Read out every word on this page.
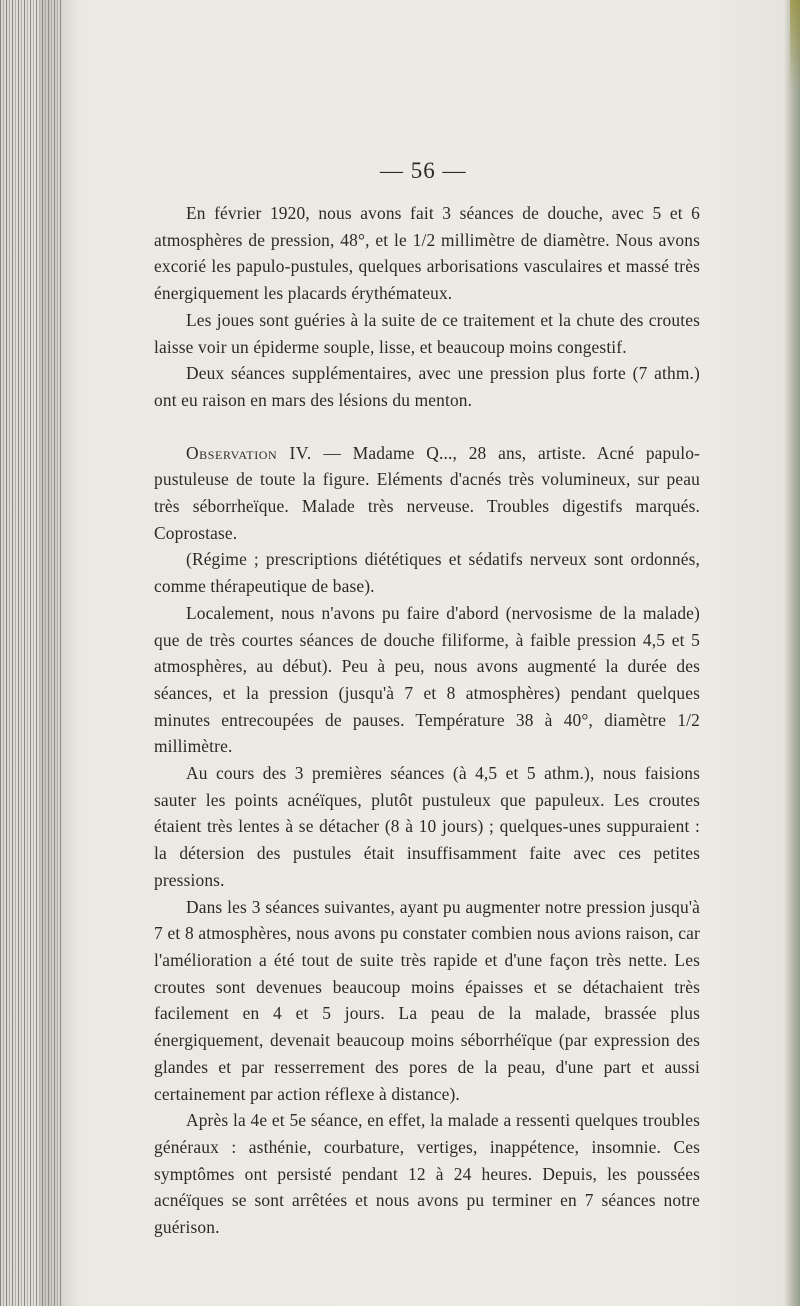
— 56 —

En février 1920, nous avons fait 3 séances de douche, avec 5 et 6 atmosphères de pression, 48°, et le 1/2 millimètre de diamètre. Nous avons excorié les papulo-pustules, quelques arborisations vasculaires et massé très énergiquement les placards érythémateux.

Les joues sont guéries à la suite de ce traitement et la chute des croutes laisse voir un épiderme souple, lisse, et beaucoup moins congestif.

Deux séances supplémentaires, avec une pression plus forte (7 athm.) ont eu raison en mars des lésions du menton.

Observation IV. — Madame Q..., 28 ans, artiste. Acné papulo-pustuleuse de toute la figure. Eléments d'acnés très volumineux, sur peau très séborrheïque. Malade très nerveuse. Troubles digestifs marqués. Coprostase.

(Régime ; prescriptions diététiques et sédatifs nerveux sont ordonnés, comme thérapeutique de base).

Localement, nous n'avons pu faire d'abord (nervosisme de la malade) que de très courtes séances de douche filiforme, à faible pression 4,5 et 5 atmosphères, au début). Peu à peu, nous avons augmenté la durée des séances, et la pression (jusqu'à 7 et 8 atmosphères) pendant quelques minutes entrecoupées de pauses. Température 38 à 40°, diamètre 1/2 millimètre.

Au cours des 3 premières séances (à 4,5 et 5 athm.), nous faisions sauter les points acnéïques, plutôt pustuleux que papuleux. Les croutes étaient très lentes à se détacher (8 à 10 jours) ; quelques-unes suppuraient : la détersion des pustules était insuffisamment faite avec ces petites pressions.

Dans les 3 séances suivantes, ayant pu augmenter notre pression jusqu'à 7 et 8 atmosphères, nous avons pu constater combien nous avions raison, car l'amélioration a été tout de suite très rapide et d'une façon très nette. Les croutes sont devenues beaucoup moins épaisses et se détachaient très facilement en 4 et 5 jours. La peau de la malade, brassée plus énergiquement, devenait beaucoup moins séborrhéïque (par expression des glandes et par resserrement des pores de la peau, d'une part et aussi certainement par action réflexe à distance).

Après la 4e et 5e séance, en effet, la malade a ressenti quelques troubles généraux : asthénie, courbature, vertiges, inappétence, insomnie. Ces symptômes ont persisté pendant 12 à 24 heures. Depuis, les poussées acnéïques se sont arrêtées et nous avons pu terminer en 7 séances notre guérison.
